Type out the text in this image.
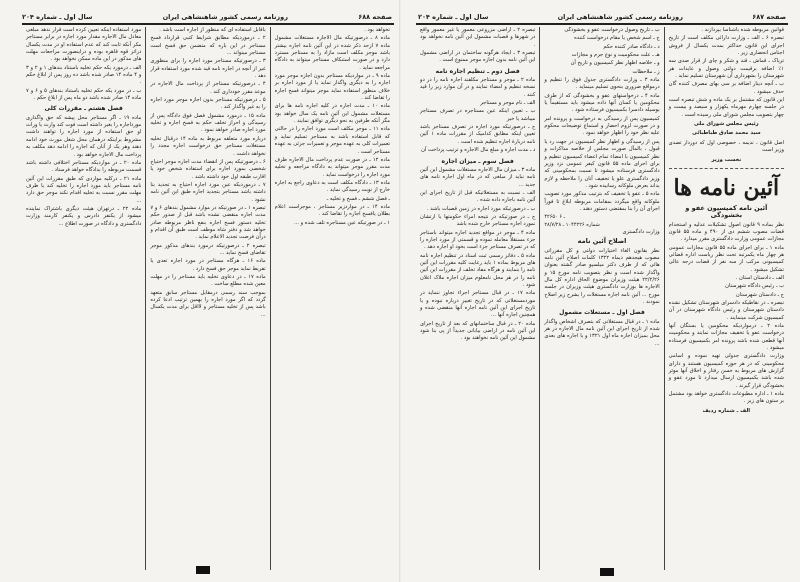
صفحه ۶۸۸
روزنامه رسمی کشور شاهنشاهی ایران
سال اول ـ شماره ۲۰۴

تخواهد بود .

ماده ۸ ـ درصورتیکه مال الاجاره مستغلات مشمول ماده ۷ ازحد ذکر شده در این آئین نامه اجاره بیشتر باشد موجر مکلف است مازاد را به مستاجر مسترد دارد و در صورت استنکاف مستاجر میتواند به دادگاه مراجعه نماید .

ماده ۹ ـ در مواردیکه مستاجر بدون اجازه موجر مورد اجاره را به دیگری واگذار نماید یا از مورد اجاره بر خلاف منظور استفاده نماید موجر میتواند فسخ اجاره را تقاضا کند .

ماده ۱۰ ـ مدت اجاره در کلیه اجاره نامه ها برای مستغلات مشمول این آئین نامه یک سال خواهد بود مگر آنکه طرفین به نحو دیگری توافق نمایند .

ماده ۱۱ ـ موجر مکلف است مورد اجاره را در حالتی که قابل استفاده باشد به مستاجر تسلیم نماید و تعمیرات کلی به عهده موجر و تعمیرات جزئی به عهده مستاجر است .

ماده ۱۲ ـ در صورت عدم پرداخت مال الاجاره ظرف مدت مقرر موجر میتواند به دادگاه مراجعه و تخلیه مورد اجاره را درخواست نماید .

ماده ۱۳ ـ دادگاه مکلف است به دعاوی راجع به اجاره خارج از نوبت رسیدگی نماید .

ـ فصل ششم ـ فسخ و تخلیه ـ

ماده ۱۴ ـ در مواردزیر مستاجر ، موجراست اعلام بطلان یافسخ اجاره را تقاضا کند .

۱ ـ در صورتیکه عین مستاجره تلف شده و ...

باقابل استفاده ای که منظور از اجاره است باشد .

۲ ـ درموردیکه مطابق شرایط کتبی قرارداد فسخ مستاجر در این باره که متضمن حق فسخ است مستاجر میتواند ...

۳ ـ درصورتیکه مستاجر مورد اجاره را برای منظوری غیر از آنچه در اجاره نامه قید شده مورد استفاده قرار دهد .

۴ ـ درصورتیکه مستاجر از پرداخت مال الاجاره در موعد مقرر خودداری کند .

۵ ـ درصورتیکه مستاجر بدون اجازه موجر مورد اجاره را به غیر واگذار کند .

ماده ۱۵ ـ درمورد مشمول فصل فوق دادگاه پس از رسیدگی و احراز تخلف حکم به فسخ اجاره و تخلیه مورد اجاره صادر خواهد نمود .

درباره مورد متعلقه مربوط به ماده ۱۴ درقبال تخلیه مستغلات مستاجر حق درخواست اجاره مجدد را نخواهد داشت .

۶ ـ درصورتیکه پس از انقضاء مدت اجاره موجر احتیاج شخصی بمورد اجاره برای استفاده شخص خود یا اقارب طبقه اول خود داشته باشد .

۷ ـ درموردیکه عین مورد اجاره احتیاج به تجدید بنا داشته باشد مستاجر بتجدید اجاره طبق این آئین نامه نشود .

تبصره ۱ ـ در صورتیکه در موارد مشمول بندهای ۶ و ۷ مدت اجاره منقضی نشده باشد قبل از صدور حکم تخلیه دستور فسخ اجاره بنفع ناظر مربوطه صادر خواهد شد و دفتر شاه موظف است طبق آن اقدام و درآن فرصت تجدید الاعلام نماید .

تبصره ۲ ـ درصورتیکه درمورد بندهای مذکور موجر تقاضای فسخ نماید ...

ماده ۱۶ ـ هرگاه مستاجر در مورد اجاره تعدی یا تفریط نماید موجر حق فسخ دارد .

ماده ۱۷ ـ در دعاوی تخلیه باید مستاجر را در مهلت معین شده مطلع ساخت .

بموجب سند رسمی درمقابل مستاجر سابق متعهد گردد که اگر مورد اجاره را بهمین ترتیب ادعا کرده باشد پس از تخلیه مستاجر و لااقل برای مدت یکسال ...

مورد استفاده اینکه تعیین کرده است قرار ندهد مبلغی معادل مال الاجاره مقدار مورد اجاره در برابر مستاجر مکر آنکه ثابت کند که عدم استفاده او در مدت یکسال دراثر قوه قاهره بوده و دراینصورت مراجعات مهلت های مذکور در این ماده ممکن نخواهد بود .

الف ـ درمورد یکه حکم تخلیه باستناد بندهای ۱ و ۲ و ۳ و ۴ ماده ۱۴ صادر شده باشد ده روز پس از ابلاغ حکم .

ب ـ در مورد یکه حکم تخلیه باستناد بندهای ۵ و ۶ و ۷ ماده ۱۴ صادر شده باشد دو ماه پس از ابلاغ حکم .

فصل هشتم ـ مقررات کلی

ماده ۱۹ ـ اگر مستاجر محل پیشه که حق واگذاری مورداجاره را بغیر داشته است فوت کند وارث یا وراث او حق استفاده از مورد اجاره را تواهند داشت مشروط براینکه درهمان محل شغل مورث خود ادامه دهند وهر یک از آنان که اجاره را ادامه دهد مکلف به پرداخت مال الاجاره خواهد بود .

ماده ۲۰ ـ در مواردیکه مستاجر اختلافی داشته باشد قسمت مربوطه را بدادگاه خواهد فرستاد .

ماده ۲۱ ـ درکلیه مواردی که طبق مقررات این آئین نامه مستاجر باید مورد اجاره را تخلیه کند یا ظرف مهلت مقرر نسبت به تخلیه اقدام نکند موجر حق دارد ...

ماده ۲۲ ـ درتهران هیئت دیگری باشتراک نماینده میشود از یکنفر دادرس و یکنفر کارمند وزارت دادگستری و دادگاه در صورت اطلاع ...

صفحه ۶۸۷
روزنامه رسمی کشور شاهنشاهی ایران
سال اول ـ شماره ۲۰۴

قوانین مربوطه شده باشناسا بپردازند .

تبصره ۶ ـ الف ـ وزارت دارائی مکلف است از تاریخ اجرای این قانون حداکثر بمدت یکسال از فروش اجناس انحصاری زیر .

تریاک ـ قماش ـ قند و شکر و چای از قرار صدی سه ۱٪ اضافه برقیمت دولتی وصول و عایدات هر شهرستان را بشهرداری آن شهرستان تسلیم نماید .

ب ـ آنچه دینار اضافه بر سی بهای مصرف کننده گان حذف میشود .

این قانون که مشتمل بر یک ماده و شش تبصره است در جلسه چهارم مهرماه یکهزار و سیصد و بیست و چهار بتصویب مجلس شورای ملی رسیده است .

رئیس مجلس شورای ملی
سید محمد صادق طباطبائی

اصل قانون ، ندیمه ، خصوصی اول که دوردار تصدی وزیر است

نخست وزیر
آئین نامه ها
آئین نامه کمیسیون عفو و بخشودگی

نظر بماده ۹ قانون اصول تشکیلات عدلیه و استخدام قضات مصوب ششم دی از ۴۹۰ و ماده ۵۵ قانون مجازات عمومی وزارت دادگستری مقرر میدارد .

ماده ۱ ـ برای اجرای ماده ۵۵ قانون مجازات عمومی هر چهار ماه یکمرتبه تحت نظر ریاست اداره قضائی کمیسیونی مرکب از سه نفر از قضات درجه عالی تشکیل میشود .

الف ـ دادستان استان .

ب ـ رئیس دادگاه شهرستان

ج ـ دادستان شهرستان

تبصره ـ در نقاطیکه دادسرای شهرستان تشکیل نشده دادستان شهرستان و رئیس دادگاه شهرستان در آن کمیسیون شرکت مینمایند .

ماده ۲ ـ درمواردیکه محکومین یا بستگان آنها درخواست عفو یا تخفیف مجازات نمایند و محکومیت آنها قطعی شده باشد پرونده امر بکمیسیون فرستاده میشود .

وزارت دادگستری جدولی تهیه نموده و اسامی محکومینی که در هر حوزه کمیسیون هستند و دارای گزارش های مربوط به حسن رفتار و اخلاق آنها موثر شده باشد بکمیسیون ارسال میدارد تا مورد عفو و بخشودگی قرار گیرند .

ماده ۱ ـ اداره مطبوعات دادگستری خواهد بود مشتمل بر ستون های زیر .

الف ـ شماره ردیف

ب ـ تاریخ وصول درخواست عفو و بخشودگی

ج ـ اسم شخص یا مقام درخواست کننده

د ـ دادگاه صادر کننده حکم

هـ ـ علت محکومیت و نوع جرم و مجازات

و ـ خلاصه اظهار نظر کمیسیون و تاریخ آن

ز ـ ملاحظات

ماده ۳ ـ وزارت دادگستری جدول فوق را تنظیم و درمواقع ضروری بنحوی تسلیم مینماید .

ماده ۴ ـ درخواستهای عفو و بخشودگی که از طرف محکومین یا کسان آنها داده میشود باید مستقیماً یا بوسیله دادسرا بکمیسیون فرستاده شود .

کمیسیون پس از رسیدگی به درخواست و پرونده امر و در صورت لزوم احضار و استماع توضیحات محکوم علیه نظر خود را اظهار خواهد نمود .

پس از رسیدگی و اظهار نظر کمیسیون در جهت رد یا قبول ، بالمآل صورت مجلس از خلاصه مذاکرات و نظر کمیسیون با امضاء تمام اعضاء کمیسیون تنظیم و برای اجرای ماده ۵۵ قانون کیفر عمومی نزد وزیر دادگستری فرستاده میشود تا نسبت بمحکومینی که وزیر دادگستری علو یا تخفیف آنان را ملاحظه و لازم بداند بعرض ملوکانه رسانیده شود .

ماده ۵ ـ عفو یا تخفیف که بترتیب مذکور مورد تصویب ملوکانه واقع میگردد بمقامات مربوطه ابلاغ تا فوراً اجرای آن را بنا بمقتضی دستور دهند .

۴۲۶۵۰ ـ ۶
شماره ۱۰۴۴۲۲۶ ـ ۲۸/۷/۲۸

وزارت دادگستری

اصلاح آئین نامه

نظر بقانون الغاء اختیارات دولتی و کل مقرراتی مصوب هیجدهم دیماه ۱۳۲۲ کلمات اصلاح آئین نامه هائی که از طرف دکتر میلسپو صادر گشته بعنوان واگذار شده است و نظر بتصویب نامه مورخ ۱۵ و ۲۲/۲/۲۶ هیئت وزیران موضوع الحاق اداره کل مال الاجاره ها بوزارت دادگستری هیئت وزیران در جلسه مورخ ... آئین نامه اجاره مستغلات را بشرح زیر اصلاح نمودند .

فصل اول ـ مستغلات مشمول

ماده ۱ ـ در قبال مستغلاتی که بتصرف اشخاص واگذار شده از تاریخ اجرای این آئین نامه مال الاجاره در هر محل بمیزان اجاره ماه اول ۱۳۲۱ و یا اجاره های بعدی ...

تبصره ۲ ـ اراضی مزروعی معمور یا غیر معمور واقع در شهرها و قصبات مشمول این آئین نامه نخواهد بود .

تبصره ۳ ـ ایجاد هرگونه ساختمان در اراضی مشمول این آئین نامه بدون اجازه موجر ممنوع است .

فصل دوم ـ تنظیم اجاره نامه

ماده ۲ ـ موجر و مستاجر مکلفند اجاره نامه را در دو نسخه تنظیم و امضاء نمایند و در آن موارد زیر را قید کنند .

الف ـ نام موجر و مستاجر

ب ـ تعیین اینکه عین مستاجره در تصرف مستاجر میباشد یا خیر

ج ـ درصورتیکه مورد اجاره در تصرف مستاجر باشد تعیین اینکه مطابق کدامیک از مقررات ماده ۱ آئین نامه دربارهٔ اجاره تنظیم شده است .

د ـ مدت اجاره و مبلغ مال الاجاره و ترتیب پرداخت آن

فصل سوم ـ میزان اجاره

ماده ۳ ـ میزان مال الاجاره مستغلات مشمول این آئین نامه نباید از مبلغی که در ماه اول اجاره نامه های جدید ...

الف ـ نسبت به مستغلاتیکه قبل از تاریخ اجرای این آئین نامه باجاره داده شده .

ب ـ درصورتیکه مورد اجاره در زمین قصبات باشد .

ج ـ در صورتیکه در نتیجه امراء حکومتها یا ارتشان نمورد اجاره مستاجر خارج شده باشد

ماده ۴ ـ موجر در مواقع تجدید اجاره میتواند باستاجر جزء مستقلاً معامله نموده و قسمتی از مورد اجاره را که در تصرف مستاجر جزء است بخود او اجاره دهد .

ماده ۵ ـ دفاتر رسمی ثبت اسناد در تنظیم اجاره نامه های مربوط بماده ۱ باید رعایت کلیه مقررات این آئین نامه را بنمایند و هرگاه مفاد تخلف از مقررات این آئین نامه را در هر محل نامعلوم میزان اجاره ملاک اعلان شود .

ماده ۱۷ ـ در قبال مستاجر اجراء تجاوز ننماید در موردمستغلاتی که در تاریخ تغییر درباره نبوده و یا تاریخ اجرای این آئین نامه اجاره آنها منقضی شده و همچنین اجاره آنها ...

ماده ۲۰ ـ در قبال ساختمانهای که بعد از تاریخ اجرای این آئین نامه در اراضی بیابانی جدیداً از پی بنا شود مشمول این آئین نامه نخواهند بود .
